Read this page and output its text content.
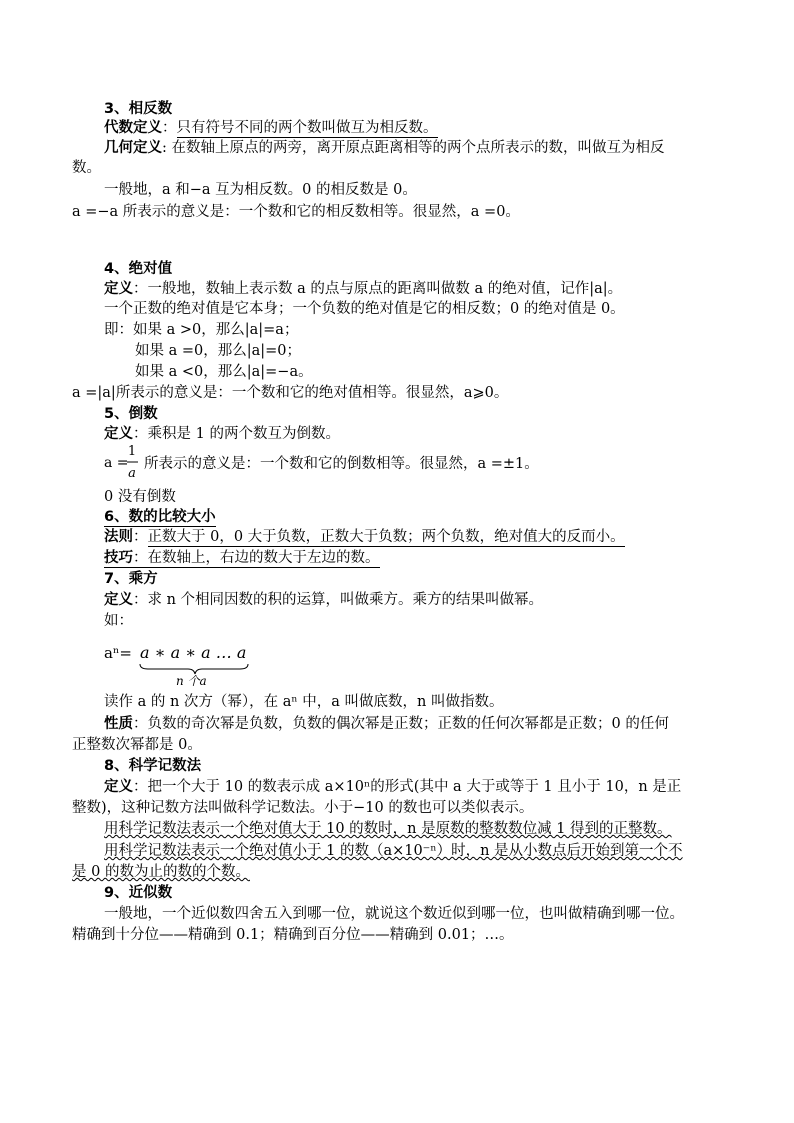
3、相反数
代数定义：只有符号不同的两个数叫做互为相反数。
几何定义: 在数轴上原点的两旁，离开原点距离相等的两个点所表示的数，叫做互为相反
数。
一般地，a 和−a 互为相反数。0 的相反数是 0。
a =−a 所表示的意义是：一个数和它的相反数相等。很显然，a =0。
4、绝对值
定义：一般地，数轴上表示数 a 的点与原点的距离叫做数 a 的绝对值，记作|a|。
一个正数的绝对值是它本身；一个负数的绝对值是它的相反数；0 的绝对值是 0。
即：如果 a >0，那么|a|=a；
如果 a =0，那么|a|=0；
如果 a <0，那么|a|=−a。
a =|a|所表示的意义是：一个数和它的绝对值相等。很显然，a⩾0。
5、倒数
定义：乘积是 1 的两个数互为倒数。
a =
1
a
所表示的意义是：一个数和它的倒数相等。很显然，a =±1。
0 没有倒数
6、数的比较大小
法则：正数大于 0，0 大于负数，正数大于负数；两个负数，绝对值大的反而小。
技巧：在数轴上，右边的数大于左边的数。
7、乘方
定义：求 n 个相同因数的积的运算，叫做乘方。乘方的结果叫做幂。
如：
aⁿ= a ∗ a ∗ a … a
n 个a
读作 a 的 n 次方（幂），在 aⁿ 中，a 叫做底数，n 叫做指数。
性质：负数的奇次幂是负数，负数的偶次幂是正数；正数的任何次幂都是正数；0 的任何
正整数次幂都是 0。
8、科学记数法
定义：把一个大于 10 的数表示成 a×10ⁿ的形式(其中 a 大于或等于 1 且小于 10，n 是正
整数)，这种记数方法叫做科学记数法。小于−10 的数也可以类似表示。
用科学记数法表示一个绝对值大于 10 的数时，n 是原数的整数数位减 1 得到的正整数。
用科学记数法表示一个绝对值小于 1 的数（a×10⁻ⁿ）时，n 是从小数点后开始到第一个不
是 0 的数为止的数的个数。
9、近似数
一般地，一个近似数四舍五入到哪一位，就说这个数近似到哪一位，也叫做精确到哪一位。
精确到十分位——精确到 0.1；精确到百分位——精确到 0.01；…。
